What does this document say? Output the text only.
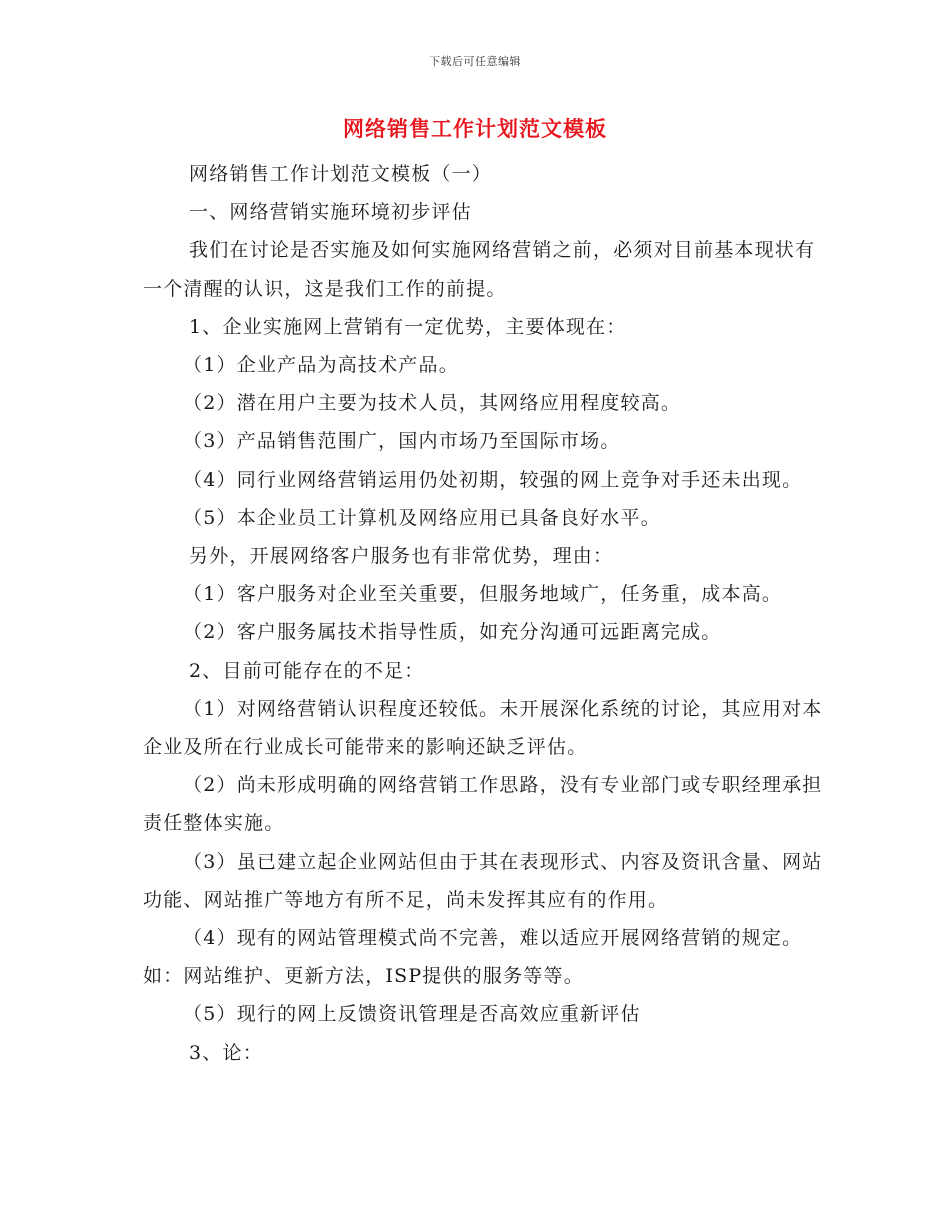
下载后可任意编辑
网络销售工作计划范文模板

网络销售工作计划范文模板（一）

一、网络营销实施环境初步评估

我们在讨论是否实施及如何实施网络营销之前，必须对目前基本现状有一个清醒的认识，这是我们工作的前提。

1、企业实施网上营销有一定优势，主要体现在：

（1）企业产品为高技术产品。

（2）潜在用户主要为技术人员，其网络应用程度较高。

（3）产品销售范围广，国内市场乃至国际市场。

（4）同行业网络营销运用仍处初期，较强的网上竞争对手还未出现。

（5）本企业员工计算机及网络应用已具备良好水平。

另外，开展网络客户服务也有非常优势，理由：

（1）客户服务对企业至关重要，但服务地域广，任务重，成本高。

（2）客户服务属技术指导性质，如充分沟通可远距离完成。

2、目前可能存在的不足：

（1）对网络营销认识程度还较低。未开展深化系统的讨论，其应用对本企业及所在行业成长可能带来的影响还缺乏评估。

（2）尚未形成明确的网络营销工作思路，没有专业部门或专职经理承担责任整体实施。

（3）虽已建立起企业网站但由于其在表现形式、内容及资讯含量、网站功能、网站推广等地方有所不足，尚未发挥其应有的作用。

（4）现有的网站管理模式尚不完善，难以适应开展网络营销的规定。如：网站维护、更新方法，ISP提供的服务等等。

（5）现行的网上反馈资讯管理是否高效应重新评估

3、论：
